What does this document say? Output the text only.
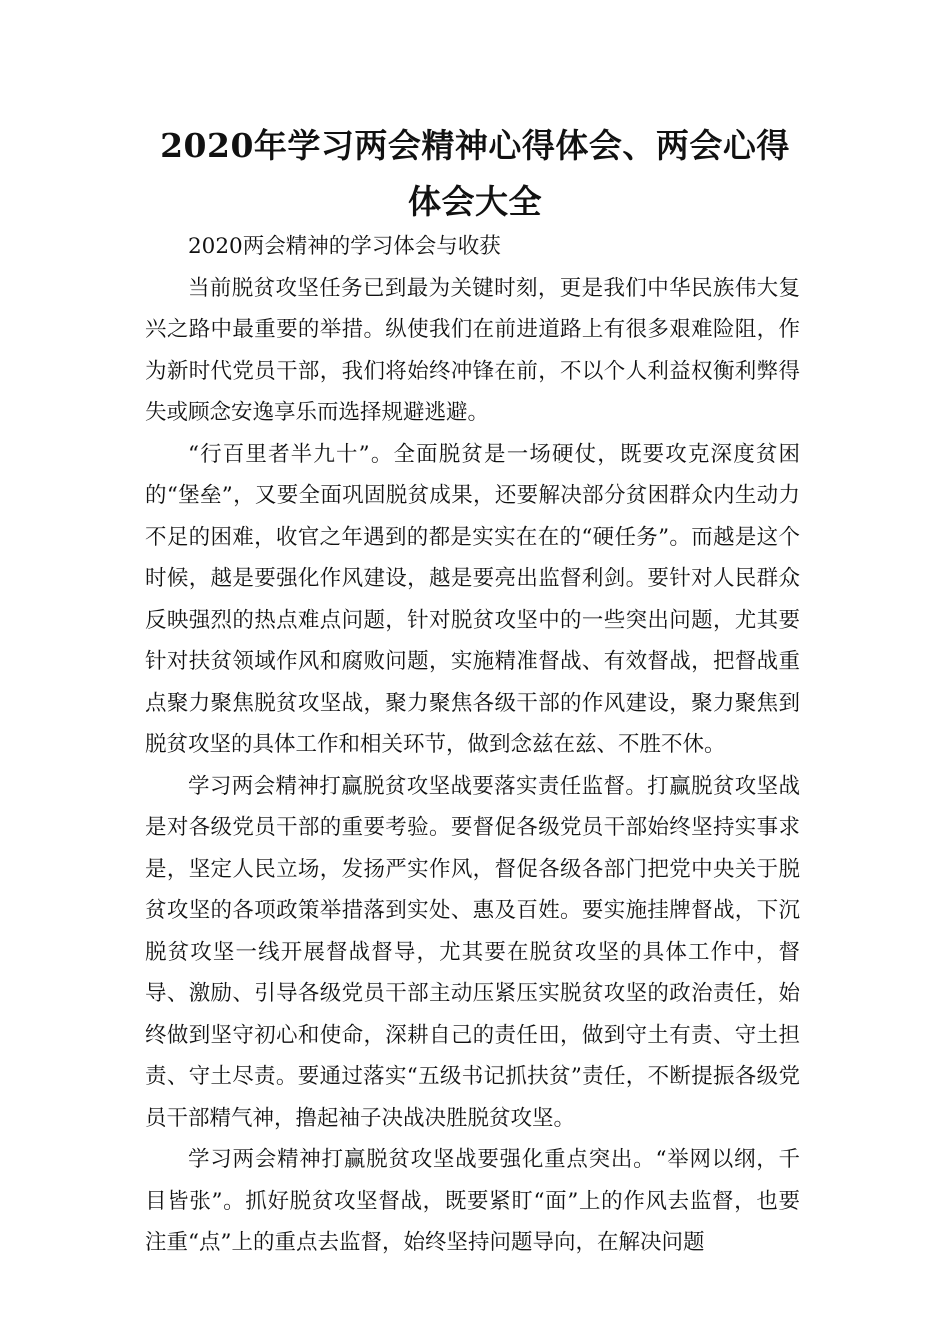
2020年学习两会精神心得体会、两会心得体会大全

2020两会精神的学习体会与收获

当前脱贫攻坚任务已到最为关键时刻，更是我们中华民族伟大复兴之路中最重要的举措。纵使我们在前进道路上有很多艰难险阻，作为新时代党员干部，我们将始终冲锋在前，不以个人利益权衡利弊得失或顾念安逸享乐而选择规避逃避。

“行百里者半九十”。全面脱贫是一场硬仗，既要攻克深度贫困的“堡垒”，又要全面巩固脱贫成果，还要解决部分贫困群众内生动力不足的困难，收官之年遇到的都是实实在在的“硬任务”。而越是这个时候，越是要强化作风建设，越是要亮出监督利剑。要针对人民群众反映强烈的热点难点问题，针对脱贫攻坚中的一些突出问题，尤其要针对扶贫领域作风和腐败问题，实施精准督战、有效督战，把督战重点聚力聚焦脱贫攻坚战，聚力聚焦各级干部的作风建设，聚力聚焦到脱贫攻坚的具体工作和相关环节，做到念兹在兹、不胜不休。

学习两会精神打赢脱贫攻坚战要落实责任监督。打赢脱贫攻坚战是对各级党员干部的重要考验。要督促各级党员干部始终坚持实事求是，坚定人民立场，发扬严实作风，督促各级各部门把党中央关于脱贫攻坚的各项政策举措落到实处、惠及百姓。要实施挂牌督战，下沉脱贫攻坚一线开展督战督导，尤其要在脱贫攻坚的具体工作中，督导、激励、引导各级党员干部主动压紧压实脱贫攻坚的政治责任，始终做到坚守初心和使命，深耕自己的责任田，做到守土有责、守土担责、守土尽责。要通过落实“五级书记抓扶贫”责任，不断提振各级党员干部精气神，撸起袖子决战决胜脱贫攻坚。

学习两会精神打赢脱贫攻坚战要强化重点突出。“举网以纲，千目皆张”。抓好脱贫攻坚督战，既要紧盯“面”上的作风去监督，也要注重“点”上的重点去监督，始终坚持问题导向，在解决问题
